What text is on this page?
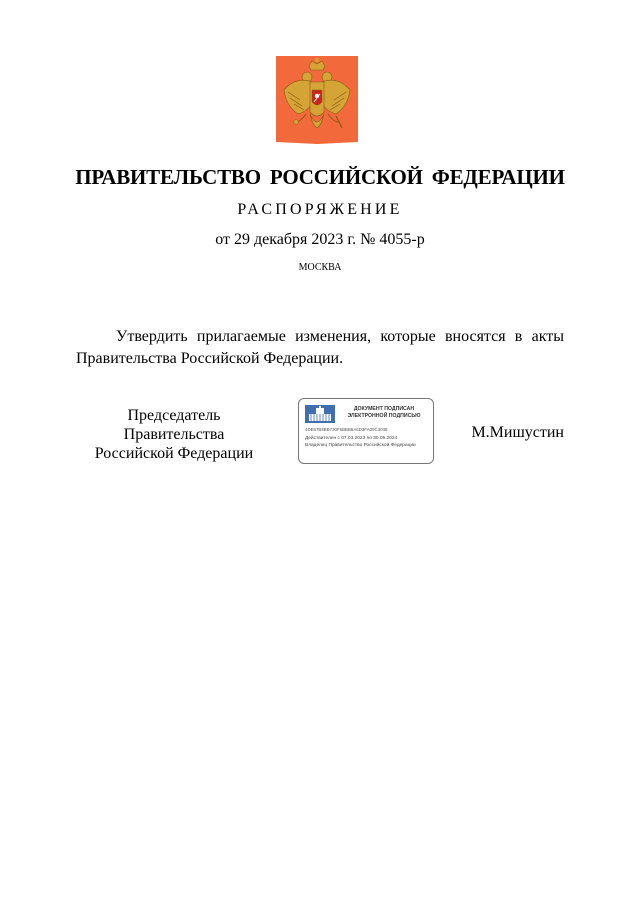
ПРАВИТЕЛЬСТВО РОССИЙСКОЙ ФЕДЕРАЦИИ
РАСПОРЯЖЕНИЕ
от 29 декабря 2023 г. № 4055-р
МОСКВА

Утвердить прилагаемые изменения, которые вносятся в акты Правительства Российской Федерации.

Председатель Правительства
Российской Федерации
ДОКУМЕНТ ПОДПИСАН
ЭЛЕКТРОННОЙ ПОДПИСЬЮ
4DE57B8BB730F6BBB6A6D3FA09C3038
Действителен с 07.03.2023 по 30.05.2024
Владелец Правительство Российской Федерации
М.Мишустин
